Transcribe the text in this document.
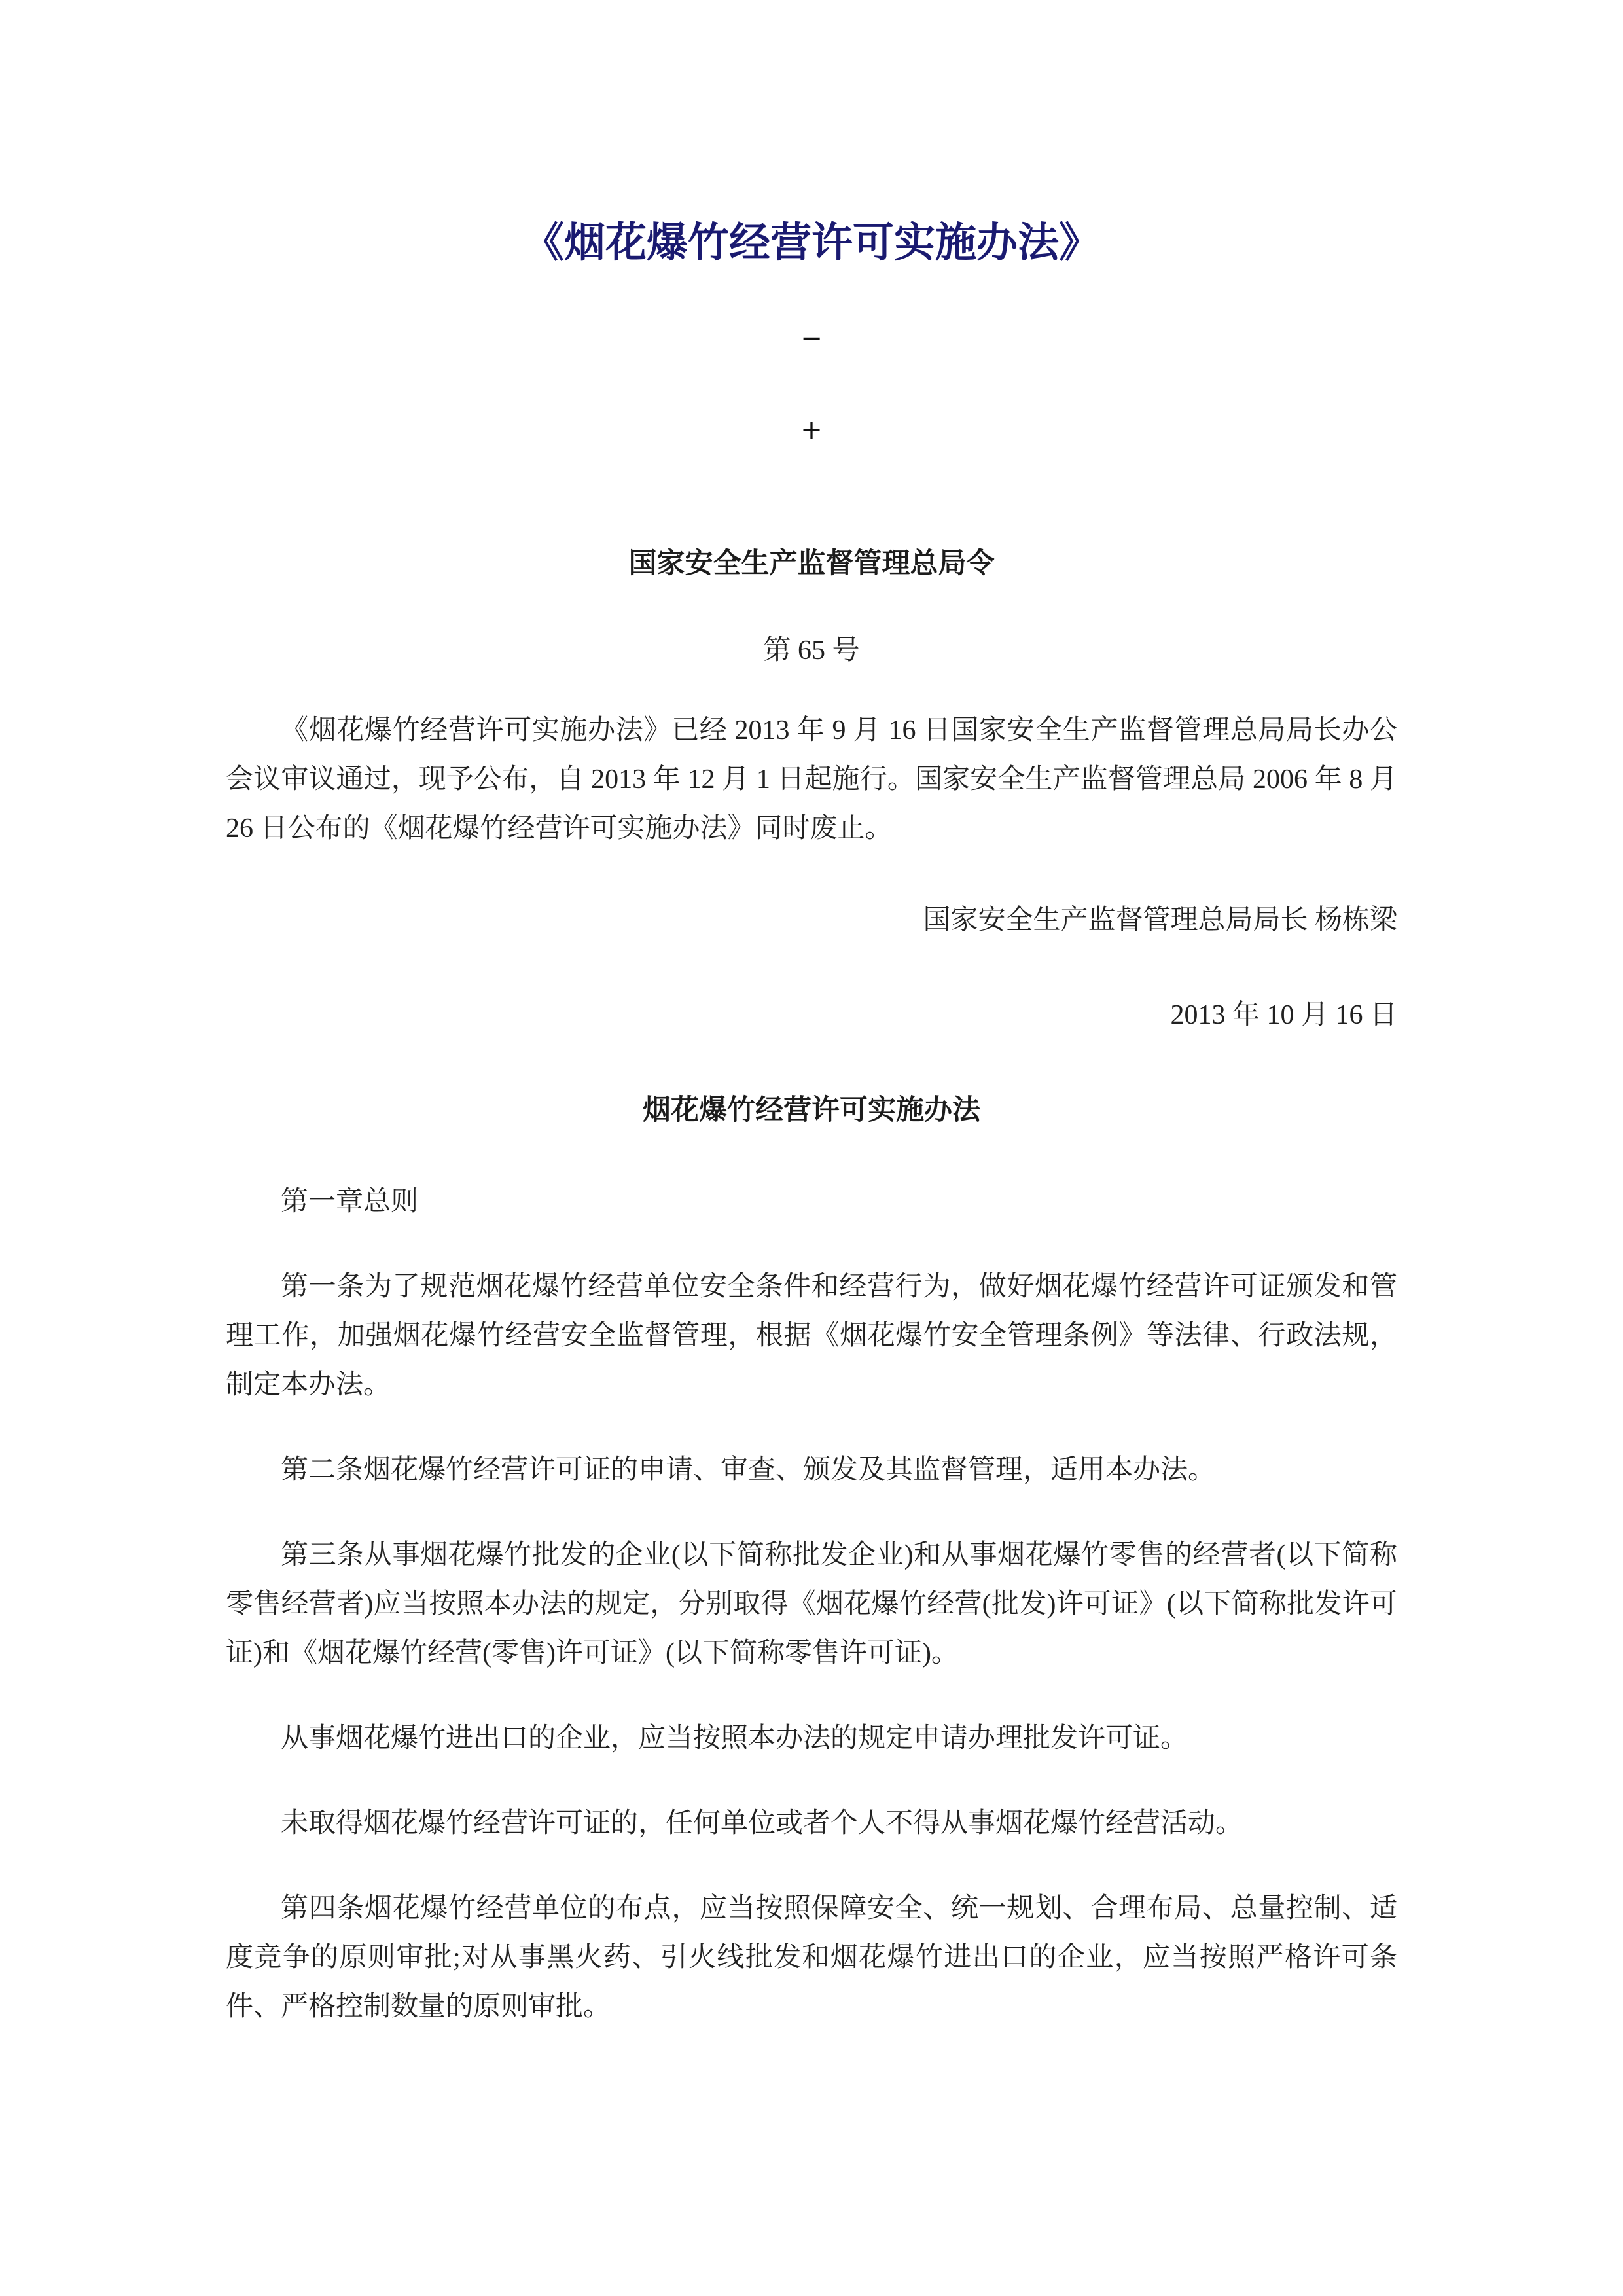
《烟花爆竹经营许可实施办法》
−
+
国家安全生产监督管理总局令
第 65 号

《烟花爆竹经营许可实施办法》已经 2013 年 9 月 16 日国家安全生产监督管理总局局长办公会议审议通过，现予公布，自 2013 年 12 月 1 日起施行。国家安全生产监督管理总局 2006 年 8 月 26 日公布的《烟花爆竹经营许可实施办法》同时废止。

国家安全生产监督管理总局局长 杨栋梁

2013 年 10 月 16 日

烟花爆竹经营许可实施办法

第一章总则

第一条为了规范烟花爆竹经营单位安全条件和经营行为，做好烟花爆竹经营许可证颁发和管理工作，加强烟花爆竹经营安全监督管理，根据《烟花爆竹安全管理条例》等法律、行政法规，制定本办法。

第二条烟花爆竹经营许可证的申请、审查、颁发及其监督管理，适用本办法。

第三条从事烟花爆竹批发的企业(以下简称批发企业)和从事烟花爆竹零售的经营者(以下简称零售经营者)应当按照本办法的规定，分别取得《烟花爆竹经营(批发)许可证》(以下简称批发许可证)和《烟花爆竹经营(零售)许可证》(以下简称零售许可证)。

从事烟花爆竹进出口的企业，应当按照本办法的规定申请办理批发许可证。

未取得烟花爆竹经营许可证的，任何单位或者个人不得从事烟花爆竹经营活动。

第四条烟花爆竹经营单位的布点，应当按照保障安全、统一规划、合理布局、总量控制、适度竞争的原则审批;对从事黑火药、引火线批发和烟花爆竹进出口的企业，应当按照严格许可条件、严格控制数量的原则审批。
